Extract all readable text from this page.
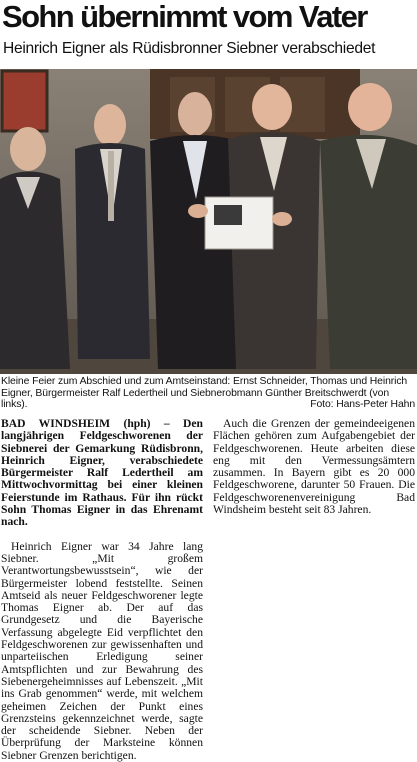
Sohn übernimmt vom Vater
Heinrich Eigner als Rüdisbronner Siebner verabschiedet
Kleine Feier zum Abschied und zum Amtseinstand: Ernst Schneider, Thomas und Heinrich Eigner, Bürgermeister Ralf Ledertheil und Siebnerobmann Günther Breitschwerdt (von links).	Foto: Hans-Peter Hahn

BAD WINDSHEIM (hph) – Den langjährigen Feldgeschworenen der Siebnerei der Gemarkung Rüdisbronn, Heinrich Eigner, verabschiedete Bürgermeister Ralf Ledertheil am Mittwochvormittag bei einer kleinen Feierstunde im Rathaus. Für ihn rückt Sohn Thomas Eigner in das Ehrenamt nach.

Heinrich Eigner war 34 Jahre lang Siebner. „Mit großem Verantwortungsbewusstsein“, wie der Bürgermeister lobend feststellte. Seinen Amtseid als neuer Feldgeschworener legte Thomas Eigner ab. Der auf das Grundgesetz und die Bayerische Verfassung abgelegte Eid verpflichtet den Feldgeschworenen zur gewissenhaften und unparteiischen Erledigung seiner Amtspflichten und zur Bewahrung des Siebenergeheimnisses auf Lebenszeit. „Mit ins Grab genommen“ werde, mit welchem geheimen Zeichen der Punkt eines Grenzsteins gekennzeichnet werde, sagte der scheidende Siebner. Neben der Überprüfung der Marksteine können Siebner Grenzen berichtigen.

Auch die Grenzen der gemeindeeigenen Flächen gehören zum Aufgabengebiet der Feldgeschworenen. Heute arbeiten diese eng mit den Vermessungsämtern zusammen. In Bayern gibt es 20 000 Feldgeschworene, darunter 50 Frauen. Die Feldgeschworenenvereinigung Bad Windsheim besteht seit 83 Jahren.
